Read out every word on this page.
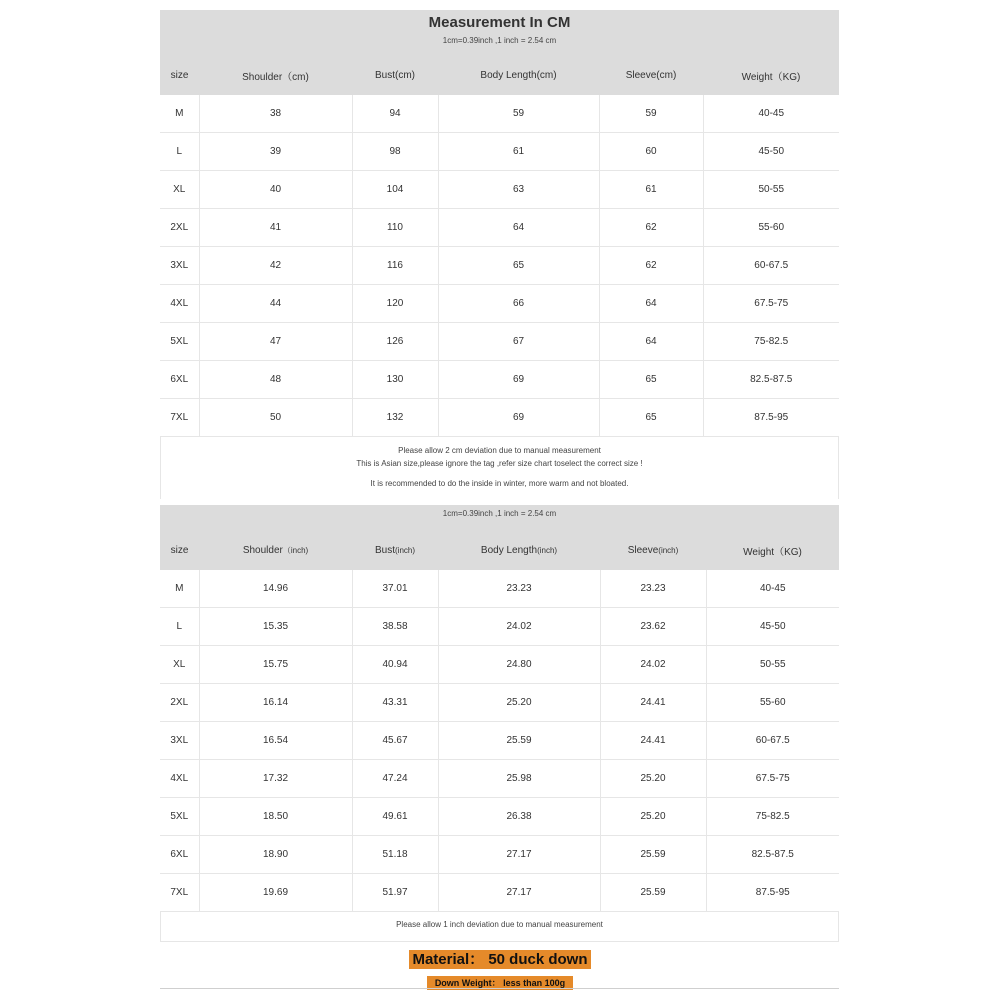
Measurement In CM
1cm=0.39inch ,1 inch = 2.54 cm
size	Shoulder（cm)	Bust(cm)	Body Length(cm)	Sleeve(cm)	Weight（KG)
M	38	94	59	59	40-45
L	39	98	61	60	45-50
XL	40	104	63	61	50-55
2XL	41	110	64	62	55-60
3XL	42	116	65	62	60-67.5
4XL	44	120	66	64	67.5-75
5XL	47	126	67	64	75-82.5
6XL	48	130	69	65	82.5-87.5
7XL	50	132	69	65	87.5-95
Please allow 2 cm deviation due to manual measurement
This is Asian size,please ignore the tag ,refer size chart toselect the correct size !
It is recommended to do the inside in winter, more warm and not bloated.
1cm=0.39inch ,1 inch = 2.54 cm
size	Shoulder（inch)	Bust(inch)	Body Length(inch)	Sleeve(inch)	Weight（KG)
M	14.96	37.01	23.23	23.23	40-45
L	15.35	38.58	24.02	23.62	45-50
XL	15.75	40.94	24.80	24.02	50-55
2XL	16.14	43.31	25.20	24.41	55-60
3XL	16.54	45.67	25.59	24.41	60-67.5
4XL	17.32	47.24	25.98	25.20	67.5-75
5XL	18.50	49.61	26.38	25.20	75-82.5
6XL	18.90	51.18	27.17	25.59	82.5-87.5
7XL	19.69	51.97	27.17	25.59	87.5-95
Please allow 1 inch deviation due to manual measurement
Material： 50 duck down
Down Weight： less than 100g
